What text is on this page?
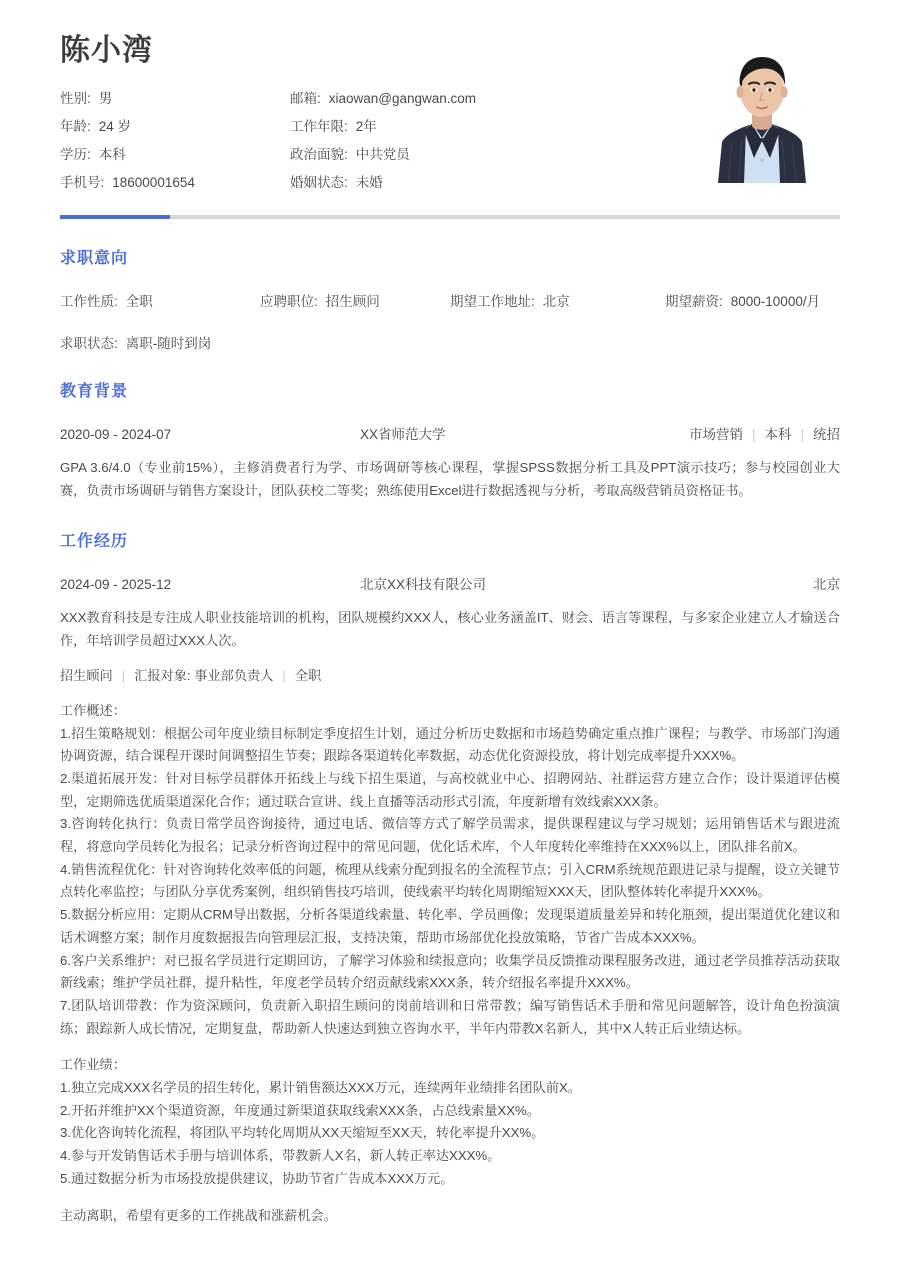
陈小湾
性别: 男	邮箱: xiaowan@gangwan.com
年龄: 24 岁	工作年限: 2年
学历: 本科	政治面貌: 中共党员
手机号: 18600001654	婚姻状态: 未婚
求职意向
工作性质: 全职	应聘职位: 招生顾问	期望工作地址: 北京	期望薪资: 8000-10000/月
求职状态: 离职-随时到岗
教育背景
2020-09 - 2024-07	XX省师范大学	市场营销 | 本科 | 统招

GPA 3.6/4.0（专业前15%），主修消费者行为学、市场调研等核心课程，掌握SPSS数据分析工具及PPT演示技巧；参与校园创业大赛，负责市场调研与销售方案设计，团队获校二等奖；熟练使用Excel进行数据透视与分析，考取高级营销员资格证书。

工作经历
2024-09 - 2025-12	北京XX科技有限公司	北京

XXX教育科技是专注成人职业技能培训的机构，团队规模约XXX人，核心业务涵盖IT、财会、语言等课程，与多家企业建立人才输送合作，年培训学员超过XXX人次。

招生顾问 | 汇报对象: 事业部负责人 | 全职

工作概述：

1.招生策略规划：根据公司年度业绩目标制定季度招生计划，通过分析历史数据和市场趋势确定重点推广课程；与教学、市场部门沟通协调资源，结合课程开课时间调整招生节奏；跟踪各渠道转化率数据，动态优化资源投放，将计划完成率提升XXX%。
2.渠道拓展开发：针对目标学员群体开拓线上与线下招生渠道，与高校就业中心、招聘网站、社群运营方建立合作；设计渠道评估模型，定期筛选优质渠道深化合作；通过联合宣讲、线上直播等活动形式引流，年度新增有效线索XXX条。
3.咨询转化执行：负责日常学员咨询接待，通过电话、微信等方式了解学员需求，提供课程建议与学习规划；运用销售话术与跟进流程，将意向学员转化为报名；记录分析咨询过程中的常见问题，优化话术库，个人年度转化率维持在XXX%以上，团队排名前X。
4.销售流程优化：针对咨询转化效率低的问题，梳理从线索分配到报名的全流程节点；引入CRM系统规范跟进记录与提醒，设立关键节点转化率监控；与团队分享优秀案例，组织销售技巧培训，使线索平均转化周期缩短XXX天，团队整体转化率提升XXX%。
5.数据分析应用：定期从CRM导出数据，分析各渠道线索量、转化率、学员画像；发现渠道质量差异和转化瓶颈，提出渠道优化建议和话术调整方案；制作月度数据报告向管理层汇报，支持决策，帮助市场部优化投放策略，节省广告成本XXX%。
6.客户关系维护：对已报名学员进行定期回访，了解学习体验和续报意向；收集学员反馈推动课程服务改进，通过老学员推荐活动获取新线索；维护学员社群，提升粘性，年度老学员转介绍贡献线索XXX条，转介绍报名率提升XXX%。
7.团队培训带教：作为资深顾问，负责新入职招生顾问的岗前培训和日常带教；编写销售话术手册和常见问题解答，设计角色扮演演练；跟踪新人成长情况，定期复盘，帮助新人快速达到独立咨询水平，半年内带教X名新人，其中X人转正后业绩达标。

工作业绩：

1.独立完成XXX名学员的招生转化，累计销售额达XXX万元，连续两年业绩排名团队前X。
2.开拓并维护XX个渠道资源，年度通过新渠道获取线索XXX条，占总线索量XX%。
3.优化咨询转化流程，将团队平均转化周期从XX天缩短至XX天，转化率提升XX%。
4.参与开发销售话术手册与培训体系，带教新人X名，新人转正率达XXX%。
5.通过数据分析为市场投放提供建议，协助节省广告成本XXX万元。

主动离职，希望有更多的工作挑战和涨薪机会。
